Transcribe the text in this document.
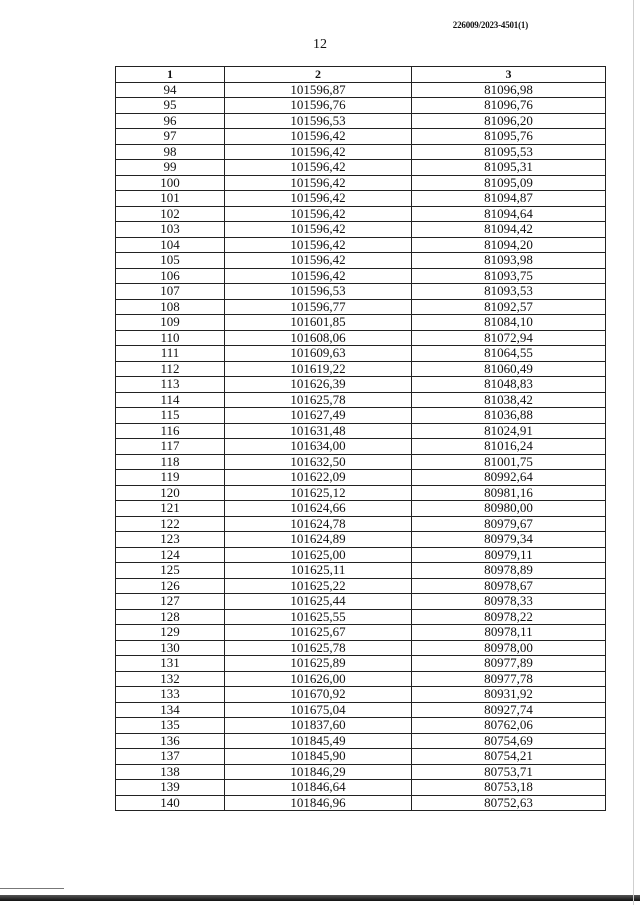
226009/2023-4501(1)
12
1	2	3
94	101596,87	81096,98
95	101596,76	81096,76
96	101596,53	81096,20
97	101596,42	81095,76
98	101596,42	81095,53
99	101596,42	81095,31
100	101596,42	81095,09
101	101596,42	81094,87
102	101596,42	81094,64
103	101596,42	81094,42
104	101596,42	81094,20
105	101596,42	81093,98
106	101596,42	81093,75
107	101596,53	81093,53
108	101596,77	81092,57
109	101601,85	81084,10
110	101608,06	81072,94
111	101609,63	81064,55
112	101619,22	81060,49
113	101626,39	81048,83
114	101625,78	81038,42
115	101627,49	81036,88
116	101631,48	81024,91
117	101634,00	81016,24
118	101632,50	81001,75
119	101622,09	80992,64
120	101625,12	80981,16
121	101624,66	80980,00
122	101624,78	80979,67
123	101624,89	80979,34
124	101625,00	80979,11
125	101625,11	80978,89
126	101625,22	80978,67
127	101625,44	80978,33
128	101625,55	80978,22
129	101625,67	80978,11
130	101625,78	80978,00
131	101625,89	80977,89
132	101626,00	80977,78
133	101670,92	80931,92
134	101675,04	80927,74
135	101837,60	80762,06
136	101845,49	80754,69
137	101845,90	80754,21
138	101846,29	80753,71
139	101846,64	80753,18
140	101846,96	80752,63
